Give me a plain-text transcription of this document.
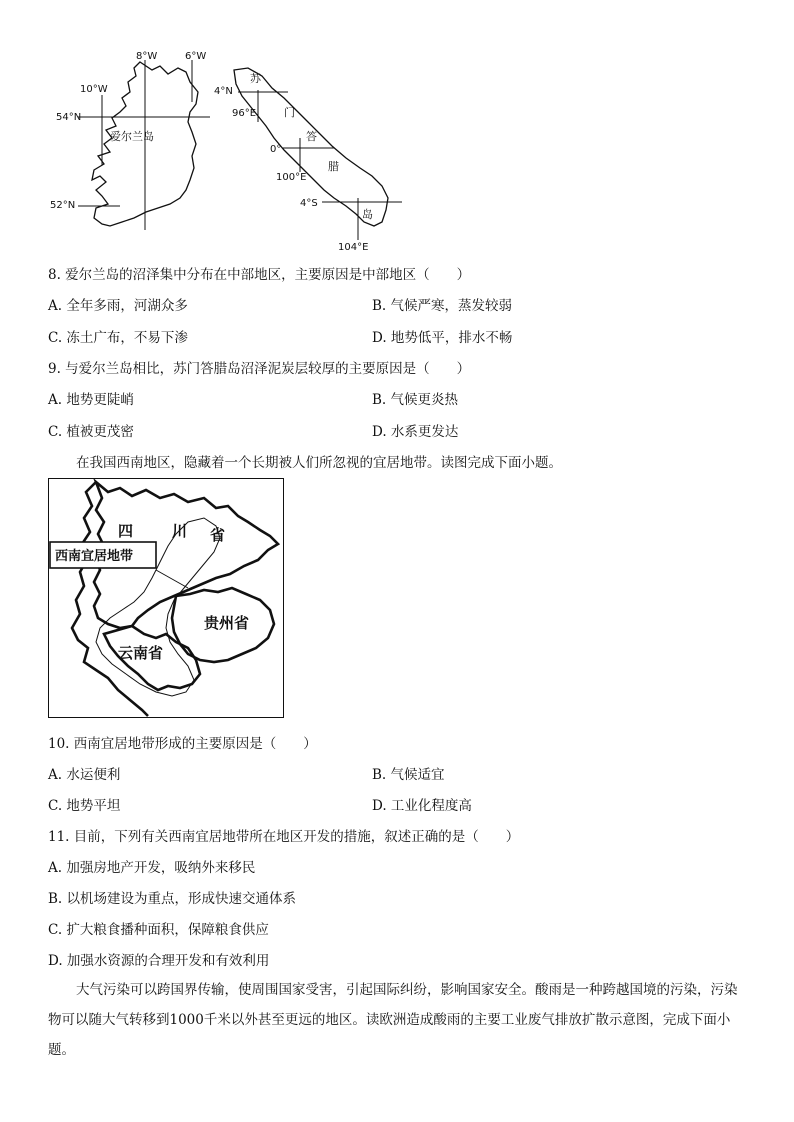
8°W	6°W
10°W
54°N
52°N
爱尔兰岛
4°N
96°E
0°
100°E
4°S
104°E
苏
门
答
腊
岛
8. 爱尔兰岛的沼泽集中分布在中部地区，主要原因是中部地区（　　）
A. 全年多雨，河湖众多	B. 气候严寒，蒸发较弱
C. 冻土广布，不易下渗	D. 地势低平，排水不畅
9. 与爱尔兰岛相比，苏门答腊岛沼泽泥炭层较厚的主要原因是（　　）
A. 地势更陡峭	B. 气候更炎热
C. 植被更茂密	D. 水系更发达
在我国西南地区，隐藏着一个长期被人们所忽视的宜居地带。读图完成下面小题。
西南宜居地带
四	川 省
贵州省
云南省
10. 西南宜居地带形成的主要原因是（　　）
A. 水运便利	B. 气候适宜
C. 地势平坦	D. 工业化程度高
11. 目前，下列有关西南宜居地带所在地区开发的措施，叙述正确的是（　　）
A. 加强房地产开发，吸纳外来移民
B. 以机场建设为重点，形成快速交通体系
C. 扩大粮食播种面积，保障粮食供应
D. 加强水资源的合理开发和有效利用
大气污染可以跨国界传输，使周围国家受害，引起国际纠纷，影响国家安全。酸雨是一种跨越国境的污染，污染物可以随大气转移到1000千米以外甚至更远的地区。读欧洲造成酸雨的主要工业废气排放扩散示意图，完成下面小题。
